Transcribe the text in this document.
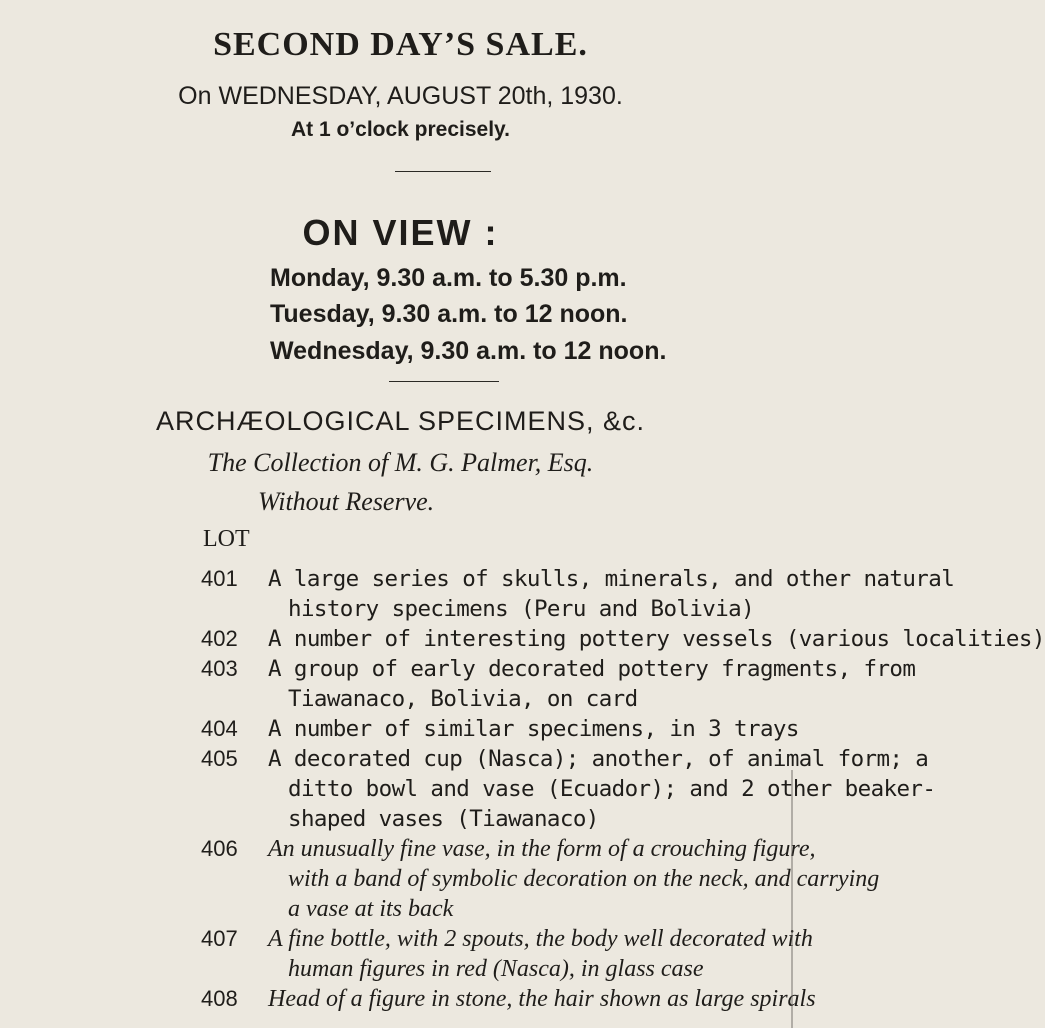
SECOND DAY’S SALE.
On WEDNESDAY, AUGUST 20th, 1930.
At 1 o’clock precisely.
ON VIEW :
Monday, 9.30 a.m. to 5.30 p.m.
Tuesday, 9.30 a.m. to 12 noon.
Wednesday, 9.30 a.m. to 12 noon.
ARCHÆOLOGICAL SPECIMENS, &c.
The Collection of M. G. Palmer, Esq.
Without Reserve.
LOT
401 A large series of skulls, minerals, and other natural
history specimens (Peru and Bolivia)
402 A number of interesting pottery vessels (various localities)
403 A group of early decorated pottery fragments, from
Tiawanaco, Bolivia, on card
404 A number of similar specimens, in 3 trays
405 A decorated cup (Nasca); another, of animal form; a
ditto bowl and vase (Ecuador); and 2 other beaker-
shaped vases (Tiawanaco)
406 An unusually fine vase, in the form of a crouching figure,
with a band of symbolic decoration on the neck, and carrying
a vase at its back
407 A fine bottle, with 2 spouts, the body well decorated with
human figures in red (Nasca), in glass case
408 Head of a figure in stone, the hair shown as large spirals
